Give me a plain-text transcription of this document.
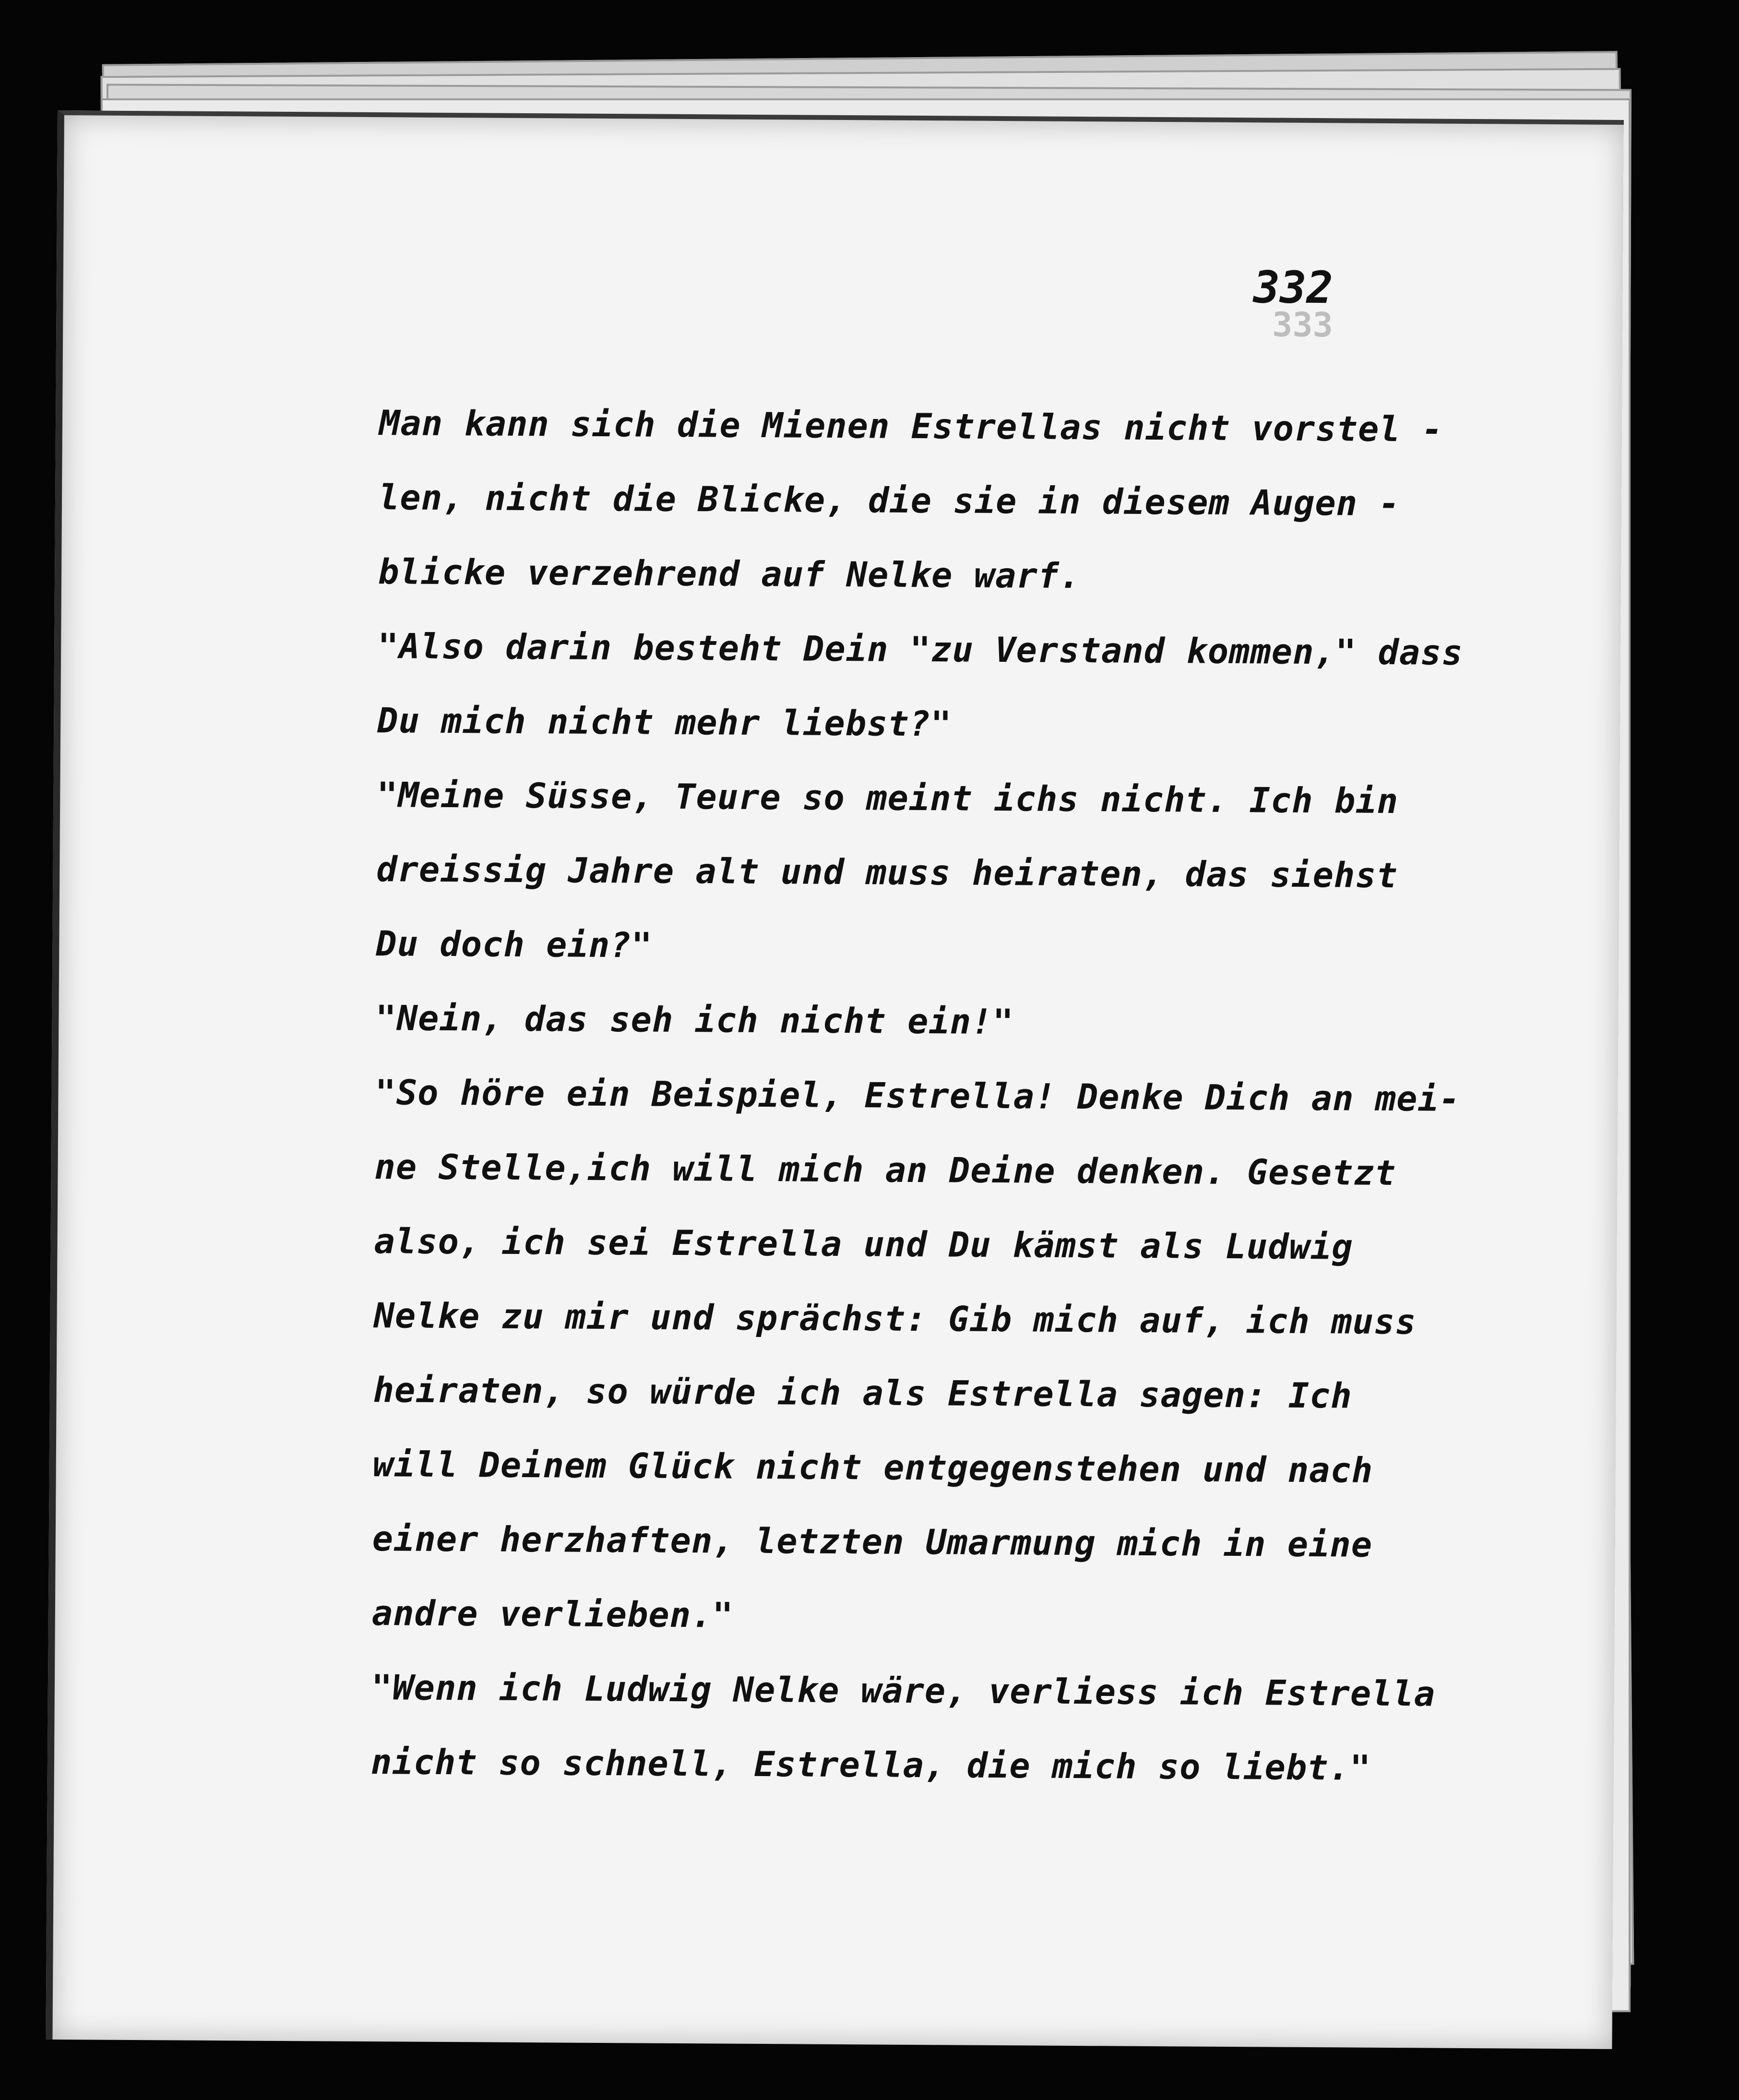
332
333
Man kann sich die Mienen Estrellas nicht vorstel -
len, nicht die Blicke, die sie in diesem Augen -
blicke verzehrend auf Nelke warf.
"Also darin besteht Dein "zu Verstand kommen," dass
Du mich nicht mehr liebst?"
"Meine Süsse, Teure so meint ichs nicht. Ich bin
dreissig Jahre alt und muss heiraten, das siehst
Du doch ein?"
"Nein, das seh ich nicht ein!"
"So höre ein Beispiel, Estrella! Denke Dich an mei-
ne Stelle,ich will mich an Deine denken. Gesetzt
also, ich sei Estrella und Du kämst als Ludwig
Nelke zu mir und sprächst: Gib mich auf, ich muss
heiraten, so würde ich als Estrella sagen: Ich
will Deinem Glück nicht entgegenstehen und nach
einer herzhaften, letzten Umarmung mich in eine
andre verlieben."
"Wenn ich Ludwig Nelke wäre, verliess ich Estrella
nicht so schnell, Estrella, die mich so liebt."
